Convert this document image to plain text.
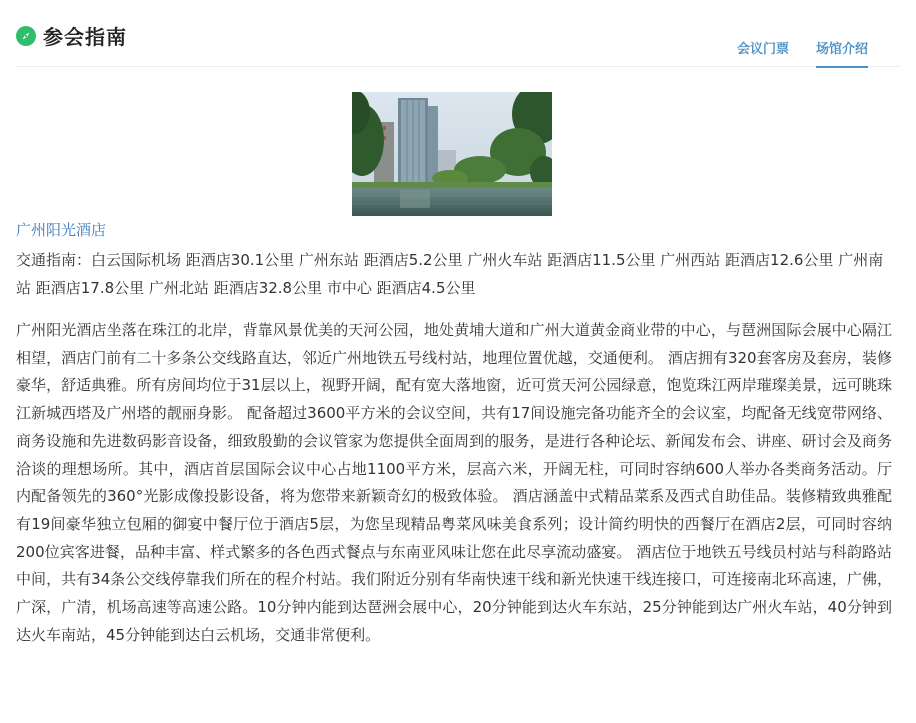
参会指南
会议门票 场馆介绍

广州阳光酒店

交通指南：白云国际机场 距酒店30.1公里 广州东站 距酒店5.2公里 广州火车站 距酒店11.5公里 广州西站 距酒店12.6公里 广州南站 距酒店17.8公里 广州北站 距酒店32.8公里 市中心 距酒店4.5公里

广州阳光酒店坐落在珠江的北岸，背靠风景优美的天河公园，地处黄埔大道和广州大道黄金商业带的中心，与琶洲国际会展中心隔江相望，酒店门前有二十多条公交线路直达，邻近广州地铁五号线村站，地理位置优越，交通便利。 酒店拥有320套客房及套房，装修豪华，舒适典雅。所有房间均位于31层以上，视野开阔，配有宽大落地窗，近可赏天河公园绿意，饱览珠江两岸璀璨美景，远可眺珠江新城西塔及广州塔的靓丽身影。 配备超过3600平方米的会议空间，共有17间设施完备功能齐全的会议室，均配备无线宽带网络、商务设施和先进数码影音设备，细致殷勤的会议管家为您提供全面周到的服务，是进行各种论坛、新闻发布会、讲座、研讨会及商务洽谈的理想场所。其中，酒店首层国际会议中心占地1100平方米，层高六米，开阔无柱，可同时容纳600人举办各类商务活动。厅内配备领先的360°光影成像投影设备，将为您带来新颖奇幻的极致体验。 酒店涵盖中式精品菜系及西式自助佳品。装修精致典雅配有19间豪华独立包厢的御宴中餐厅位于酒店5层，为您呈现精品粤菜风味美食系列；设计简约明快的西餐厅在酒店2层，可同时容纳200位宾客进餐，品种丰富、样式繁多的各色西式餐点与东南亚风味让您在此尽享流动盛宴。 酒店位于地铁五号线员村站与科韵路站中间，共有34条公交线停靠我们所在的程介村站。我们附近分别有华南快速干线和新光快速干线连接口，可连接南北环高速，广佛，广深，广清，机场高速等高速公路。10分钟内能到达琶洲会展中心，20分钟能到达火车东站，25分钟能到达广州火车站，40分钟到达火车南站，45分钟能到达白云机场，交通非常便利。
